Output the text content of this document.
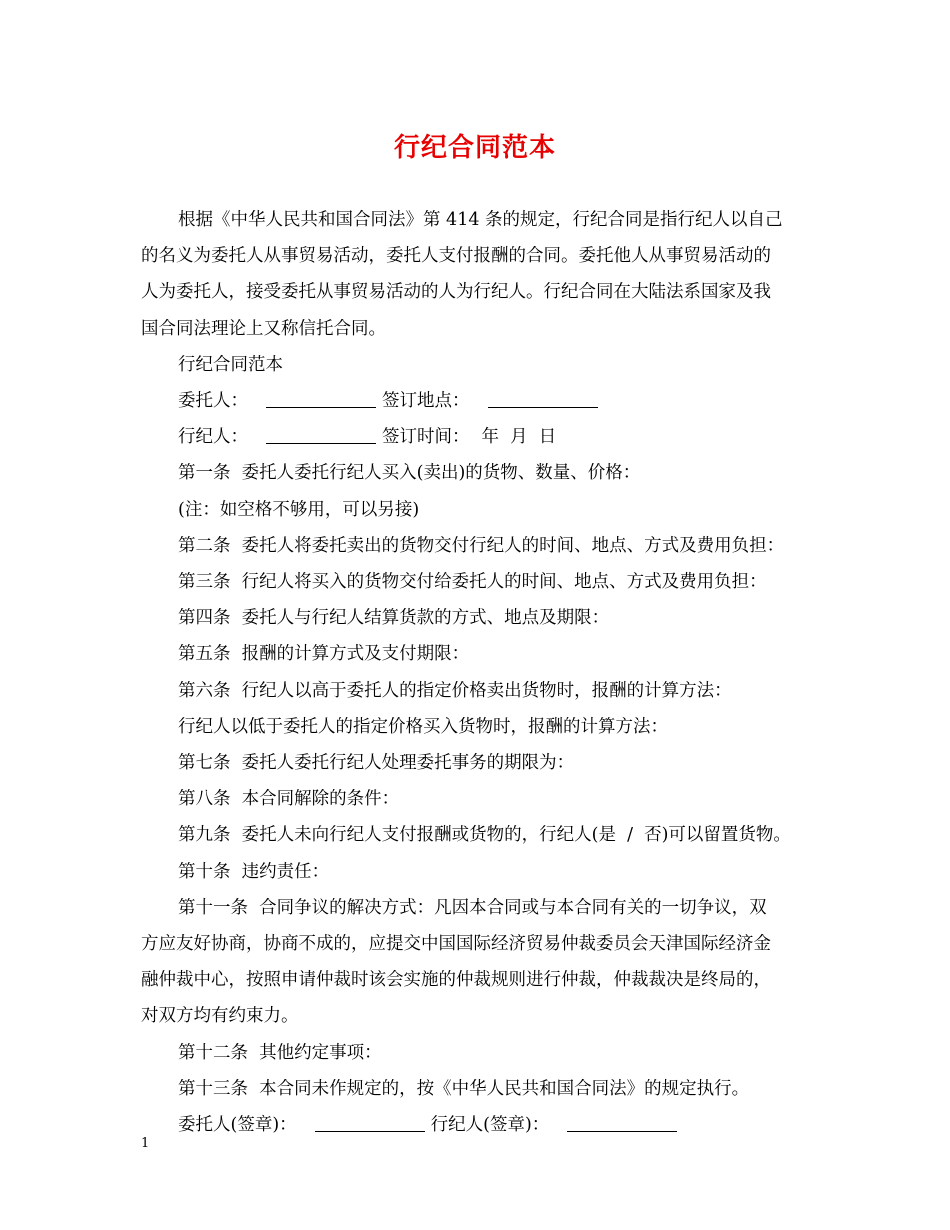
行纪合同范本
根据《中华人民共和国合同法》第 414 条的规定，行纪合同是指行纪人以自己
的名义为委托人从事贸易活动，委托人支付报酬的合同。委托他人从事贸易活动的
人为委托人，接受委托从事贸易活动的人为行纪人。行纪合同在大陆法系国家及我
国合同法理论上又称信托合同。
行纪合同范本
委托人：	签订地点：
行纪人：	签订时间： 年  月  日
第一条  委托人委托行纪人买入(卖出)的货物、数量、价格：
(注：如空格不够用，可以另接)
第二条  委托人将委托卖出的货物交付行纪人的时间、地点、方式及费用负担：
第三条  行纪人将买入的货物交付给委托人的时间、地点、方式及费用负担：
第四条  委托人与行纪人结算货款的方式、地点及期限：
第五条  报酬的计算方式及支付期限：
第六条  行纪人以高于委托人的指定价格卖出货物时，报酬的计算方法：
行纪人以低于委托人的指定价格买入货物时，报酬的计算方法：
第七条  委托人委托行纪人处理委托事务的期限为：
第八条  本合同解除的条件：
第九条  委托人未向行纪人支付报酬或货物的，行纪人(是  /  否)可以留置货物。
第十条  违约责任：
第十一条  合同争议的解决方式：凡因本合同或与本合同有关的一切争议，双
方应友好协商，协商不成的，应提交中国国际经济贸易仲裁委员会天津国际经济金
融仲裁中心，按照申请仲裁时该会实施的仲裁规则进行仲裁，仲裁裁决是终局的，
对双方均有约束力。
第十二条  其他约定事项：
第十三条  本合同未作规定的，按《中华人民共和国合同法》的规定执行。
委托人(签章)：	行纪人(签章)：
1
